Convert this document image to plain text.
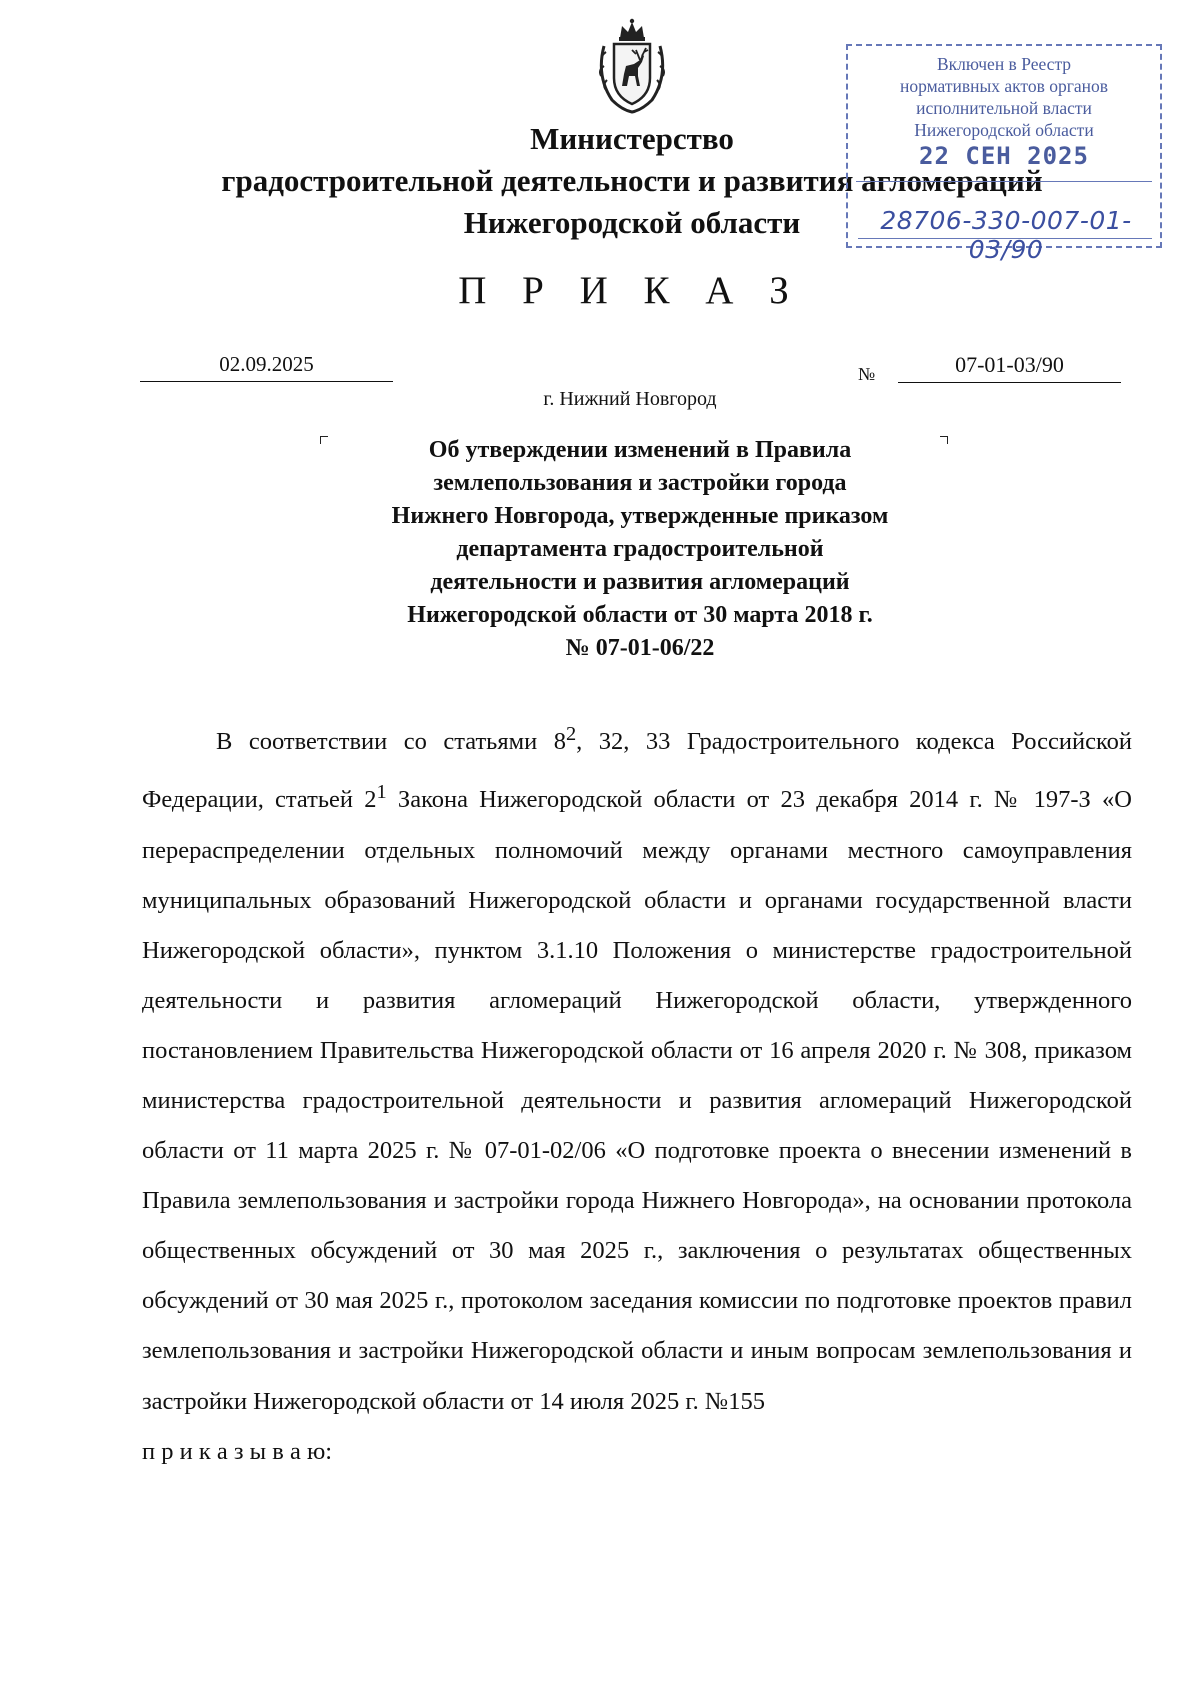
Министерство
градостроительной деятельности и развития агломераций
Нижегородской области
П Р И К А З
02.09.2025	№	07-01-03/90
г. Нижний Новгород
Об утверждении изменений в Правила
землепользования и застройки города
Нижнего Новгорода, утвержденные приказом
департамента градостроительной
деятельности и развития агломераций
Нижегородской области от 30 марта 2018 г.
№ 07-01-06/22

В соответствии со статьями $8^2$, 32, 33 Градостроительного кодекса Российской Федерации, статьей $2^1$ Закона Нижегородской области от 23 декабря 2014 г. № 197-З «О перераспределении отдельных полномочий между органами местного самоуправления муниципальных образований Нижегородской области и органами государственной власти Нижегородской области», пунктом 3.1.10 Положения о министерстве градостроительной деятельности и развития агломераций Нижегородской области, утвержденного постановлением Правительства Нижегородской области от 16 апреля 2020 г. № 308, приказом министерства градостроительной деятельности и развития агломераций Нижегородской области от 11 марта 2025 г. № 07-01-02/06 «О подготовке проекта о внесении изменений в Правила землепользования и застройки города Нижнего Новгорода», на основании протокола общественных обсуждений от 30 мая 2025 г., заключения о результатах общественных обсуждений от 30 мая 2025 г., протоколом заседания комиссии по подготовке проектов правил землепользования и застройки Нижегородской области и иным вопросам землепользования и застройки Нижегородской области от 14 июля 2025 г. №155

п р и к а з ы в а ю:
Включен в Реестр
нормативных актов органов
исполнительной власти
Нижегородской области
22 СЕН 2025
28706-330-007-01-03/90
